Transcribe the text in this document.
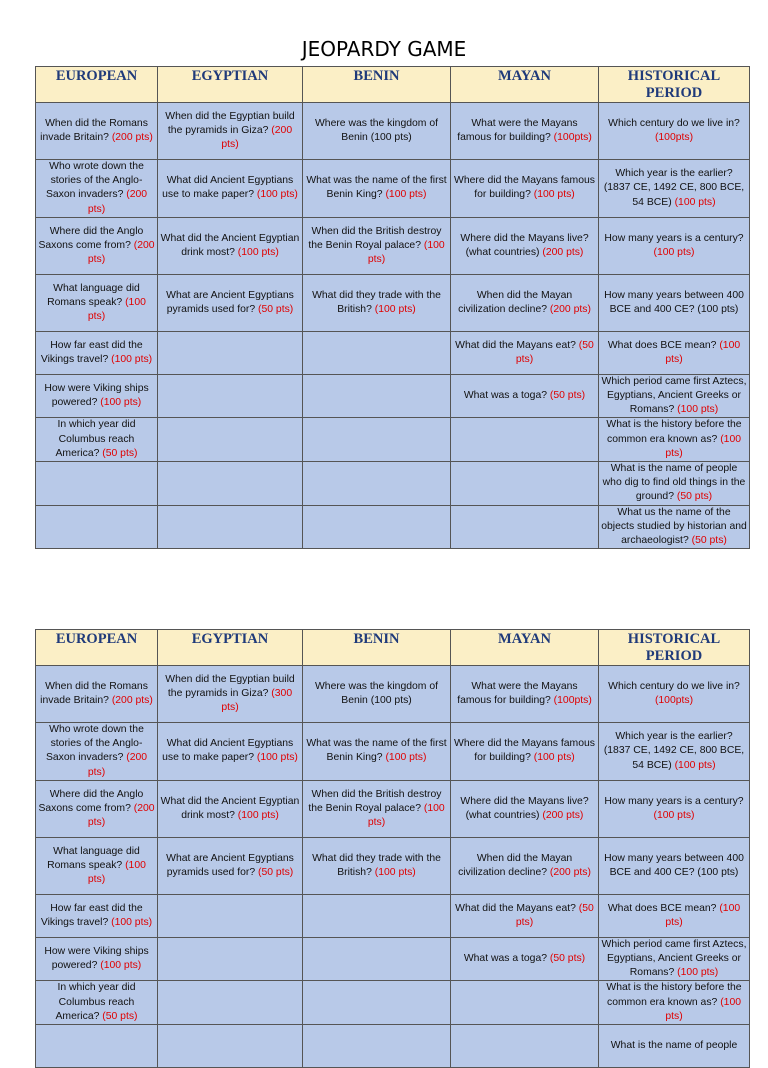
JEOPARDY GAME
EUROPEAN	EGYPTIAN	BENIN	MAYAN	HISTORICAL PERIOD
When did the Romans invade Britain? (200 pts)	When did the Egyptian build the pyramids in Giza? (200 pts)	Where was the kingdom of Benin (100 pts)	What were the Mayans famous for building? (100pts)	Which century do we live in? (100pts)
Who wrote down the stories of the Anglo-Saxon invaders? (200 pts)	What did Ancient Egyptians use to make paper? (100 pts)	What was the name of the first Benin King? (100 pts)	Where did the Mayans famous for building? (100 pts)	Which year is the earlier? (1837 CE, 1492 CE, 800 BCE, 54 BCE) (100 pts)
Where did the Anglo Saxons come from? (200 pts)	What did the Ancient Egyptian drink most? (100 pts)	When did the British destroy the Benin Royal palace? (100 pts)	Where did the Mayans live? (what countries) (200 pts)	How many years is a century? (100 pts)
What language did Romans speak? (100 pts)	What are Ancient Egyptians pyramids used for? (50 pts)	What did they trade with the British? (100 pts)	When did the Mayan civilization decline? (200 pts)	How many years between 400 BCE and 400 CE? (100 pts)
How far east did the Vikings travel? (100 pts)			What did the Mayans eat? (50 pts)	What does BCE mean? (100 pts)
How were Viking ships powered? (100 pts)			What was a toga? (50 pts)	Which period came first Aztecs, Egyptians, Ancient Greeks or Romans? (100 pts)
In which year did Columbus reach America? (50 pts)				What is the history before the common era known as? (100 pts)
				What is the name of people who dig to find old things in the ground? (50 pts)
				What us the name of the objects studied by historian and archaeologist? (50 pts)
EUROPEAN	EGYPTIAN	BENIN	MAYAN	HISTORICAL PERIOD
When did the Romans invade Britain? (200 pts)	When did the Egyptian build the pyramids in Giza? (300 pts)	Where was the kingdom of Benin (100 pts)	What were the Mayans famous for building? (100pts)	Which century do we live in? (100pts)
Who wrote down the stories of the Anglo-Saxon invaders? (200 pts)	What did Ancient Egyptians use to make paper? (100 pts)	What was the name of the first Benin King? (100 pts)	Where did the Mayans famous for building? (100 pts)	Which year is the earlier? (1837 CE, 1492 CE, 800 BCE, 54 BCE) (100 pts)
Where did the Anglo Saxons come from? (200 pts)	What did the Ancient Egyptian drink most? (100 pts)	When did the British destroy the Benin Royal palace? (100 pts)	Where did the Mayans live? (what countries) (200 pts)	How many years is a century? (100 pts)
What language did Romans speak? (100 pts)	What are Ancient Egyptians pyramids used for? (50 pts)	What did they trade with the British? (100 pts)	When did the Mayan civilization decline? (200 pts)	How many years between 400 BCE and 400 CE? (100 pts)
How far east did the Vikings travel? (100 pts)			What did the Mayans eat? (50 pts)	What does BCE mean? (100 pts)
How were Viking ships powered? (100 pts)			What was a toga? (50 pts)	Which period came first Aztecs, Egyptians, Ancient Greeks or Romans? (100 pts)
In which year did Columbus reach America? (50 pts)				What is the history before the common era known as? (100 pts)
				What is the name of people
